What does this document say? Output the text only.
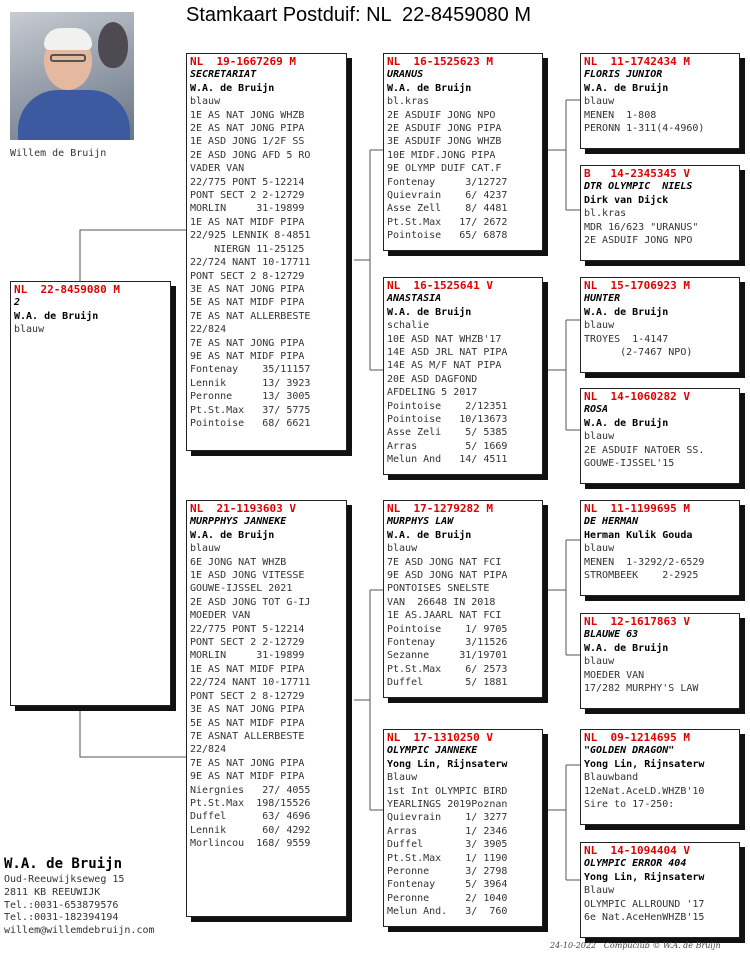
Stamkaart Postduif: NL  22-8459080 M
Willem de Bruijn
NL  22-8459080 M
2
W.A. de Bruijn
blauw
NL  19-1667269 M
SECRETARIAT
W.A. de Bruijn
blauw
1E AS NAT JONG WHZB
2E AS NAT JONG PIPA
1E ASD JONG 1/2F SS
2E ASD JONG AFD 5 RO
VADER VAN
22/775 PONT 5-12214
PONT SECT 2 2-12729
MORLIN     31-19899
1E AS NAT MIDF PIPA
22/925 LENNIK 8-4851
NIERGN 11-25125
22/724 NANT 10-17711
PONT SECT 2 8-12729
3E AS NAT JONG PIPA
5E AS NAT MIDF PIPA
7E AS NAT ALLERBESTE
22/824
7E AS NAT JONG PIPA
9E AS NAT MIDF PIPA
Fontenay    35/11157
Lennik      13/ 3923
Peronne     13/ 3005
Pt.St.Max   37/ 5775
Pointoise   68/ 6621
NL  21-1193603 V
MURPPHYS JANNEKE
W.A. de Bruijn
blauw
6E JONG NAT WHZB
1E ASD JONG VITESSE
GOUWE-IJSSEL 2021
2E ASD JONG TOT G-IJ
MOEDER VAN
22/775 PONT 5-12214
PONT SECT 2 2-12729
MORLIN     31-19899
1E AS NAT MIDF PIPA
22/724 NANT 10-17711
PONT SECT 2 8-12729
3E AS NAT JONG PIPA
5E AS NAT MIDF PIPA
7E ASNAT ALLERBESTE
22/824
7E AS NAT JONG PIPA
9E AS NAT MIDF PIPA
Niergnies   27/ 4055
Pt.St.Max  198/15526
Duffel      63/ 4696
Lennik      60/ 4292
Morlincou  168/ 9559
NL  16-1525623 M
URANUS
W.A. de Bruijn
bl.kras
2E ASDUIF JONG NPO
2E ASDUIF JONG PIPA
3E ASDUIF JONG WHZB
10E MIDF.JONG PIPA
9E OLYMP DUIF CAT.F
Fontenay     3/12727
Quievrain    6/ 4237
Asse Zell    8/ 4481
Pt.St.Max   17/ 2672
Pointoise   65/ 6878
NL  16-1525641 V
ANASTASIA
W.A. de Bruijn
schalie
10E ASD NAT WHZB'17
14E ASD JRL NAT PIPA
14E AS M/F NAT PIPA
20E ASD DAGFOND
AFDELING 5 2017
Pointoise    2/12351
Pointoise   10/13673
Asse Zeli    5/ 5385
Arras        5/ 1669
Melun And   14/ 4511
NL  17-1279282 M
MURPHYS LAW
W.A. de Bruijn
blauw
7E ASD JONG NAT FCI
9E ASD JONG NAT PIPA
PONTOISES SNELSTE
VAN  26648 IN 2018
1E AS.JAARL NAT FCI
Pointoise    1/ 9705
Fontenay     3/11526
Sezanne     31/19701
Pt.St.Max    6/ 2573
Duffel       5/ 1881
NL  17-1310250 V
OLYMPIC JANNEKE
Yong Lin, Rijnsaterw
Blauw
1st Int OLYMPIC BIRD
YEARLINGS 2019Poznan
Quievrain    1/ 3277
Arras        1/ 2346
Duffel       3/ 3905
Pt.St.Max    1/ 1190
Peronne      3/ 2798
Fontenay     5/ 3964
Peronne      2/ 1040
Melun And.   3/  760
NL  11-1742434 M
FLORIS JUNIOR
W.A. de Bruijn
blauw
MENEN  1-808
PERONN 1-311(4-4960)
B   14-2345345 V
DTR OLYMPIC  NIELS
Dirk van Dijck
bl.kras
MDR 16/623 "URANUS"
2E ASDUIF JONG NPO
NL  15-1706923 M
HUNTER
W.A. de Bruijn
blauw
TROYES  1-4147
(2-7467 NPO)
NL  14-1060282 V
ROSA
W.A. de Bruijn
blauw
2E ASDUIF NATOER SS.
GOUWE-IJSSEL'15
NL  11-1199695 M
DE HERMAN
Herman Kulik Gouda
blauw
MENEN  1-3292/2-6529
STROMBEEK    2-2925
NL  12-1617863 V
BLAUWE 63
W.A. de Bruijn
blauw
MOEDER VAN
17/282 MURPHY'S LAW
NL  09-1214695 M
"GOLDEN DRAGON"
Yong Lin, Rijnsaterw
Blauwband
12eNat.AceLD.WHZB'10
Sire to 17-250:
NL  14-1094404 V
OLYMPIC ERROR 404
Yong Lin, Rijnsaterw
Blauw
OLYMPIC ALLROUND '17
6e Nat.AceHenWHZB'15
W.A. de Bruijn
Oud-Reeuwijkseweg 15
2811 KB REEUWIJK
Tel.:0031-653879576
Tel.:0031-182394194
willem@willemdebruijn.com
24-10-2022   Compuclub © W.A. de Bruijn
